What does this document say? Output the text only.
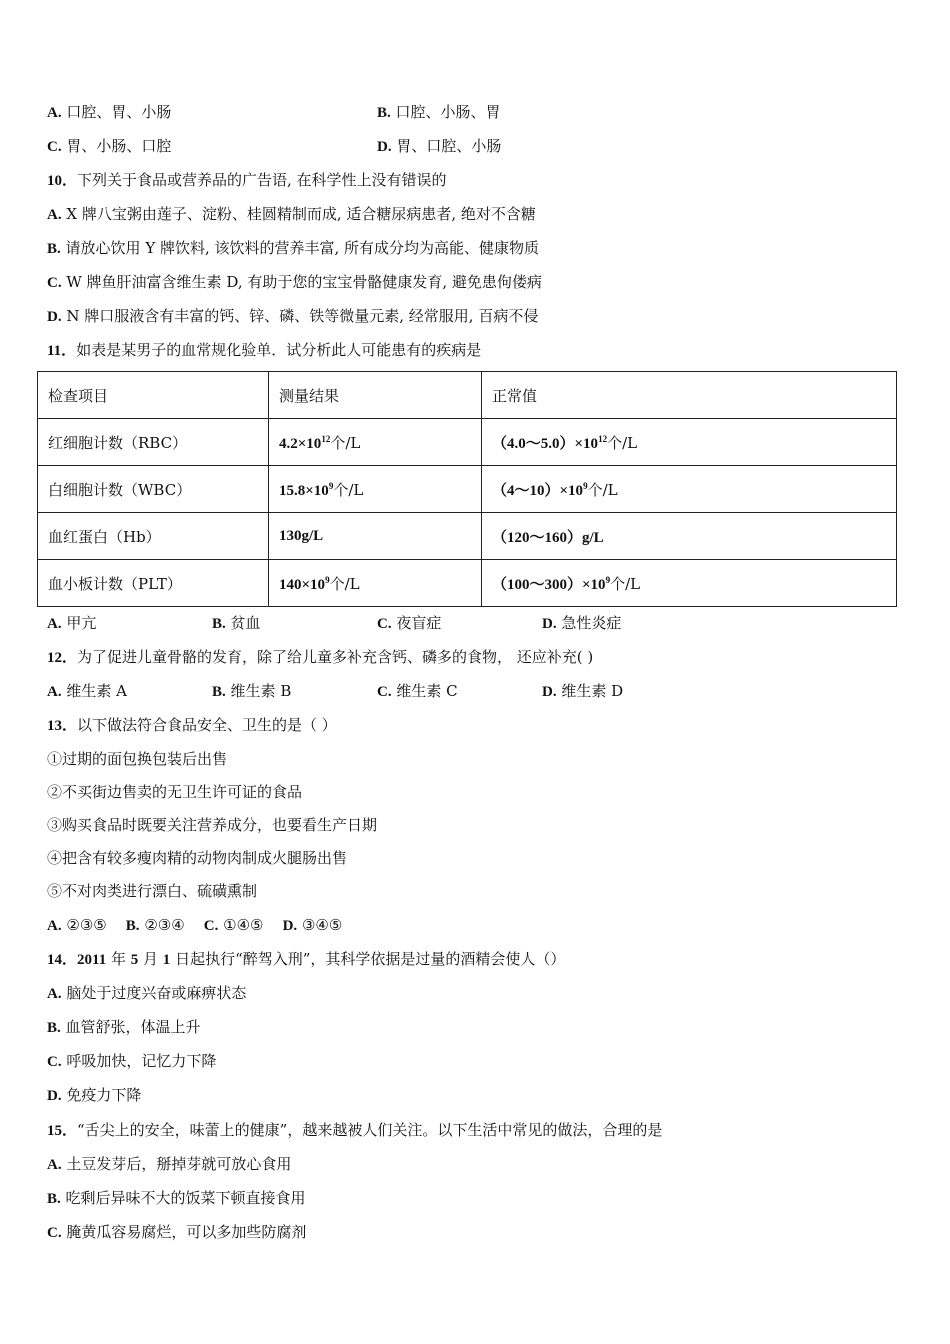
A. 口腔、胃、小肠	B. 口腔、小肠、胃
C. 胃、小肠、口腔	D. 胃、口腔、小肠
10．下列关于食品或营养品的广告语, 在科学性上没有错误的
A. X 牌八宝粥由莲子、淀粉、桂圆精制而成, 适合糖尿病患者, 绝对不含糖
B. 请放心饮用 Y 牌饮料, 该饮料的营养丰富, 所有成分均为高能、健康物质
C. W 牌鱼肝油富含维生素 D, 有助于您的宝宝骨骼健康发育, 避免患佝偻病
D. N 牌口服液含有丰富的钙、锌、磷、铁等微量元素, 经常服用, 百病不侵
11．如表是某男子的血常规化验单．试分析此人可能患有的疾病是
检查项目	测量结果	正常值
红细胞计数（RBC）	$4.2\times 10^{12}$个/L	$(4.0\sim 5.0)\times 10^{12}$个/L
白细胞计数（WBC）	$15.8\times 10^9$个/L	$(4\sim 10)\times 10^9$个/L
血红蛋白（Hb）	130g/L	（120～160）g/L
血小板计数（PLT）	$140\times 10^9$个/L	$(100\sim 300)\times 10^9$个/L
A. 甲亢	B. 贫血	C. 夜盲症	D. 急性炎症
12．为了促进儿童骨骼的发育，除了给儿童多补充含钙、磷多的食物， 还应补充( )
A. 维生素 A	B. 维生素 B	C. 维生素 C	D. 维生素 D
13．以下做法符合食品安全、卫生的是（ ）
①过期的面包换包装后出售
②不买街边售卖的无卫生许可证的食品
③购买食品时既要关注营养成分，也要看生产日期
④把含有较多瘦肉精的动物肉制成火腿肠出售
⑤不对肉类进行漂白、硫磺熏制
A. ②③⑤ B. ②③④ C. ①④⑤ D. ③④⑤
14．2011 年 5 月 1 日起执行“醉驾入刑”，其科学依据是过量的酒精会使人（）
A. 脑处于过度兴奋或麻痹状态
B. 血管舒张，体温上升
C. 呼吸加快，记忆力下降
D. 免疫力下降
15．“舌尖上的安全，味蕾上的健康”，越来越被人们关注。以下生活中常见的做法，合理的是
A. 土豆发芽后，掰掉芽就可放心食用
B. 吃剩后异味不大的饭菜下顿直接食用
C. 腌黄瓜容易腐烂，可以多加些防腐剂
